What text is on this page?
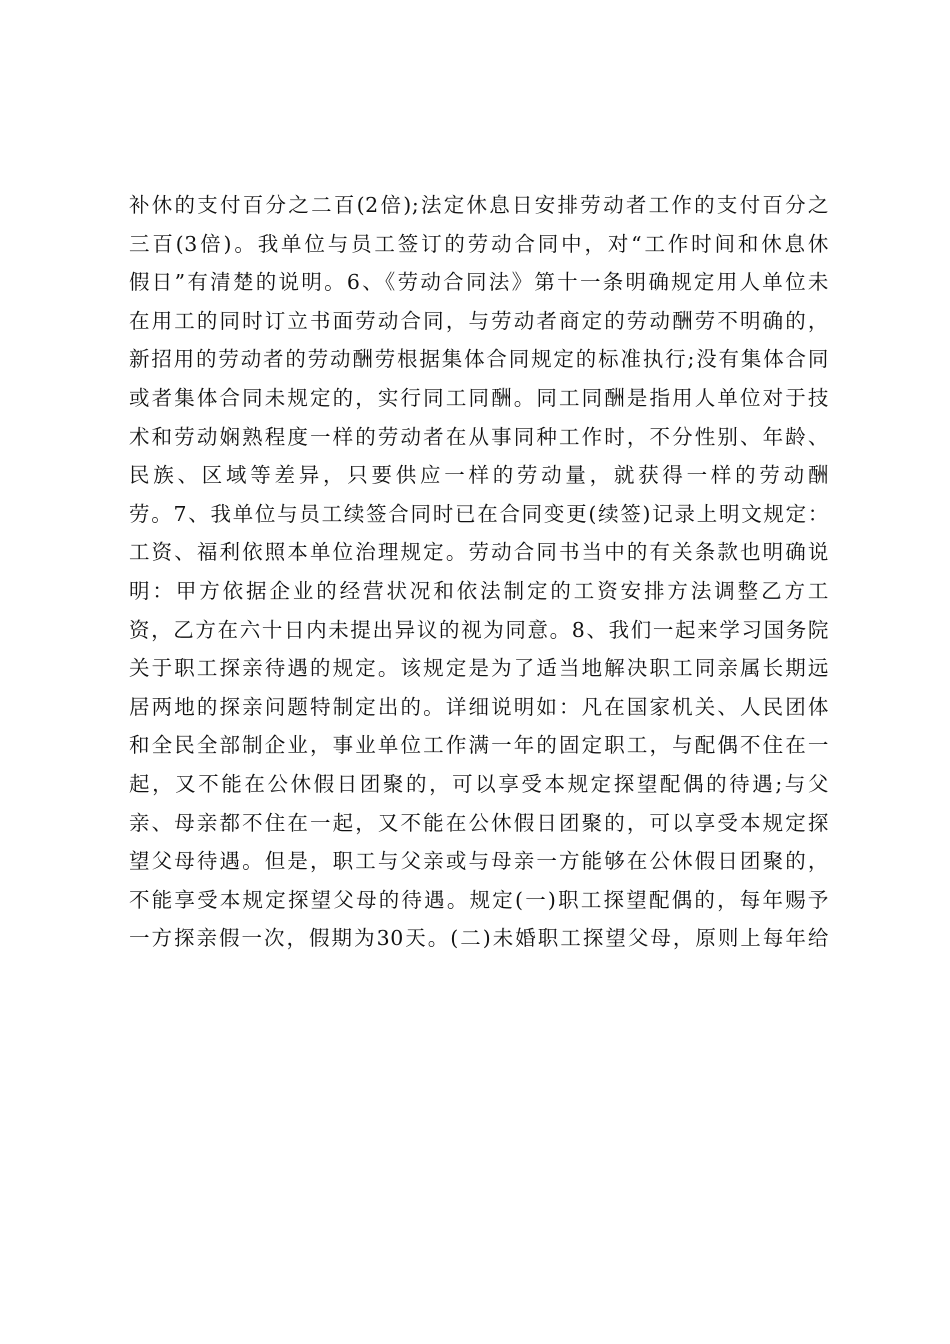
补休的支付百分之二百(2倍);法定休息日安排劳动者工作的支付百分之
三百(3倍)。我单位与员工签订的劳动合同中，对“工作时间和休息休
假日”有清楚的说明。6、《劳动合同法》第十一条明确规定用人单位未
在用工的同时订立书面劳动合同，与劳动者商定的劳动酬劳不明确的，
新招用的劳动者的劳动酬劳根据集体合同规定的标准执行;没有集体合同
或者集体合同未规定的，实行同工同酬。同工同酬是指用人单位对于技
术和劳动娴熟程度一样的劳动者在从事同种工作时，不分性别、年龄、
民族、区域等差异，只要供应一样的劳动量，就获得一样的劳动酬
劳。7、我单位与员工续签合同时已在合同变更(续签)记录上明文规定：
工资、福利依照本单位治理规定。劳动合同书当中的有关条款也明确说
明：甲方依据企业的经营状况和依法制定的工资安排方法调整乙方工
资，乙方在六十日内未提出异议的视为同意。8、我们一起来学习国务院
关于职工探亲待遇的规定。该规定是为了适当地解决职工同亲属长期远
居两地的探亲问题特制定出的。详细说明如：凡在国家机关、人民团体
和全民全部制企业，事业单位工作满一年的固定职工，与配偶不住在一
起，又不能在公休假日团聚的，可以享受本规定探望配偶的待遇;与父
亲、母亲都不住在一起，又不能在公休假日团聚的，可以享受本规定探
望父母待遇。但是，职工与父亲或与母亲一方能够在公休假日团聚的，
不能享受本规定探望父母的待遇。规定(一)职工探望配偶的，每年赐予
一方探亲假一次，假期为30天。(二)未婚职工探望父母，原则上每年给
